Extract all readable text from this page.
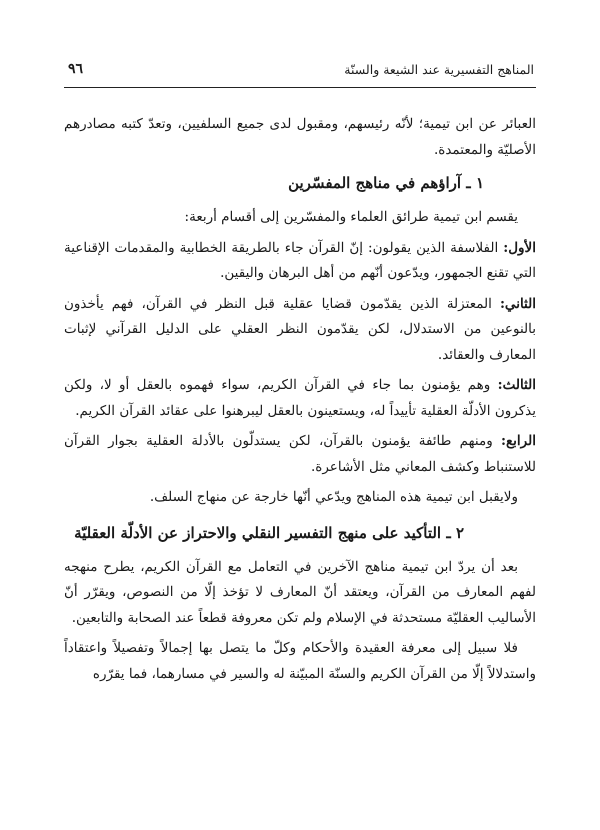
المناهج التفسيرية عند الشيعة والسنّة
٩٦

العبائر عن ابن تيمية؛ لأنّه رئيسهم، ومقبول لدى جميع السلفيين، وتعدّ كتبه مصادرهم الأصليّة والمعتمدة.

١ ـ آراؤهم في مناهج المفسّرين

يقسم ابن تيمية طرائق العلماء والمفسّرين إلى أقسام أربعة:

الأول: الفلاسفة الذين يقولون: إنّ القرآن جاء بالطريقة الخطابية والمقدمات الإقناعية التي تقنع الجمهور، ويدّعون أنّهم من أهل البرهان واليقين.

الثاني: المعتزلة الذين يقدّمون قضايا عقلية قبل النظر في القرآن، فهم يأخذون بالنوعين من الاستدلال، لكن يقدّمون النظر العقلي على الدليل القرآني لإثبات المعارف والعقائد.

الثالث: وهم يؤمنون بما جاء في القرآن الكريم، سواء فهموه بالعقل أو لا، ولكن يذكرون الأدلّة العقلية تأييداً له، ويستعينون بالعقل ليبرهنوا على عقائد القرآن الكريم.

الرابع: ومنهم طائفة يؤمنون بالقرآن، لكن يستدلّون بالأدلة العقلية بجوار القرآن للاستنباط وكشف المعاني مثل الأشاعرة.

ولايقبل ابن تيمية هذه المناهج ويدّعي أنّها خارجة عن منهاج السلف.

٢ ـ التأكيد على منهج التفسير النقلي والاحتراز عن الأدلّة العقليّة

بعد أن يردّ ابن تيمية مناهج الآخرين في التعامل مع القرآن الكريم، يطرح منهجه لفهم المعارف من القرآن، ويعتقد أنّ المعارف لا تؤخذ إلّا من النصوص، ويقرّر أنّ الأساليب العقليّة مستحدثة في الإسلام ولم تكن معروفة قطعاً عند الصحابة والتابعين.

فلا سبيل إلى معرفة العقيدة والأحكام وكلّ ما يتصل بها إجمالاً وتفصيلاً واعتقاداً واستدلالاً إلّا من القرآن الكريم والسنّة المبيّنة له والسير في مسارهما، فما يقرّره
